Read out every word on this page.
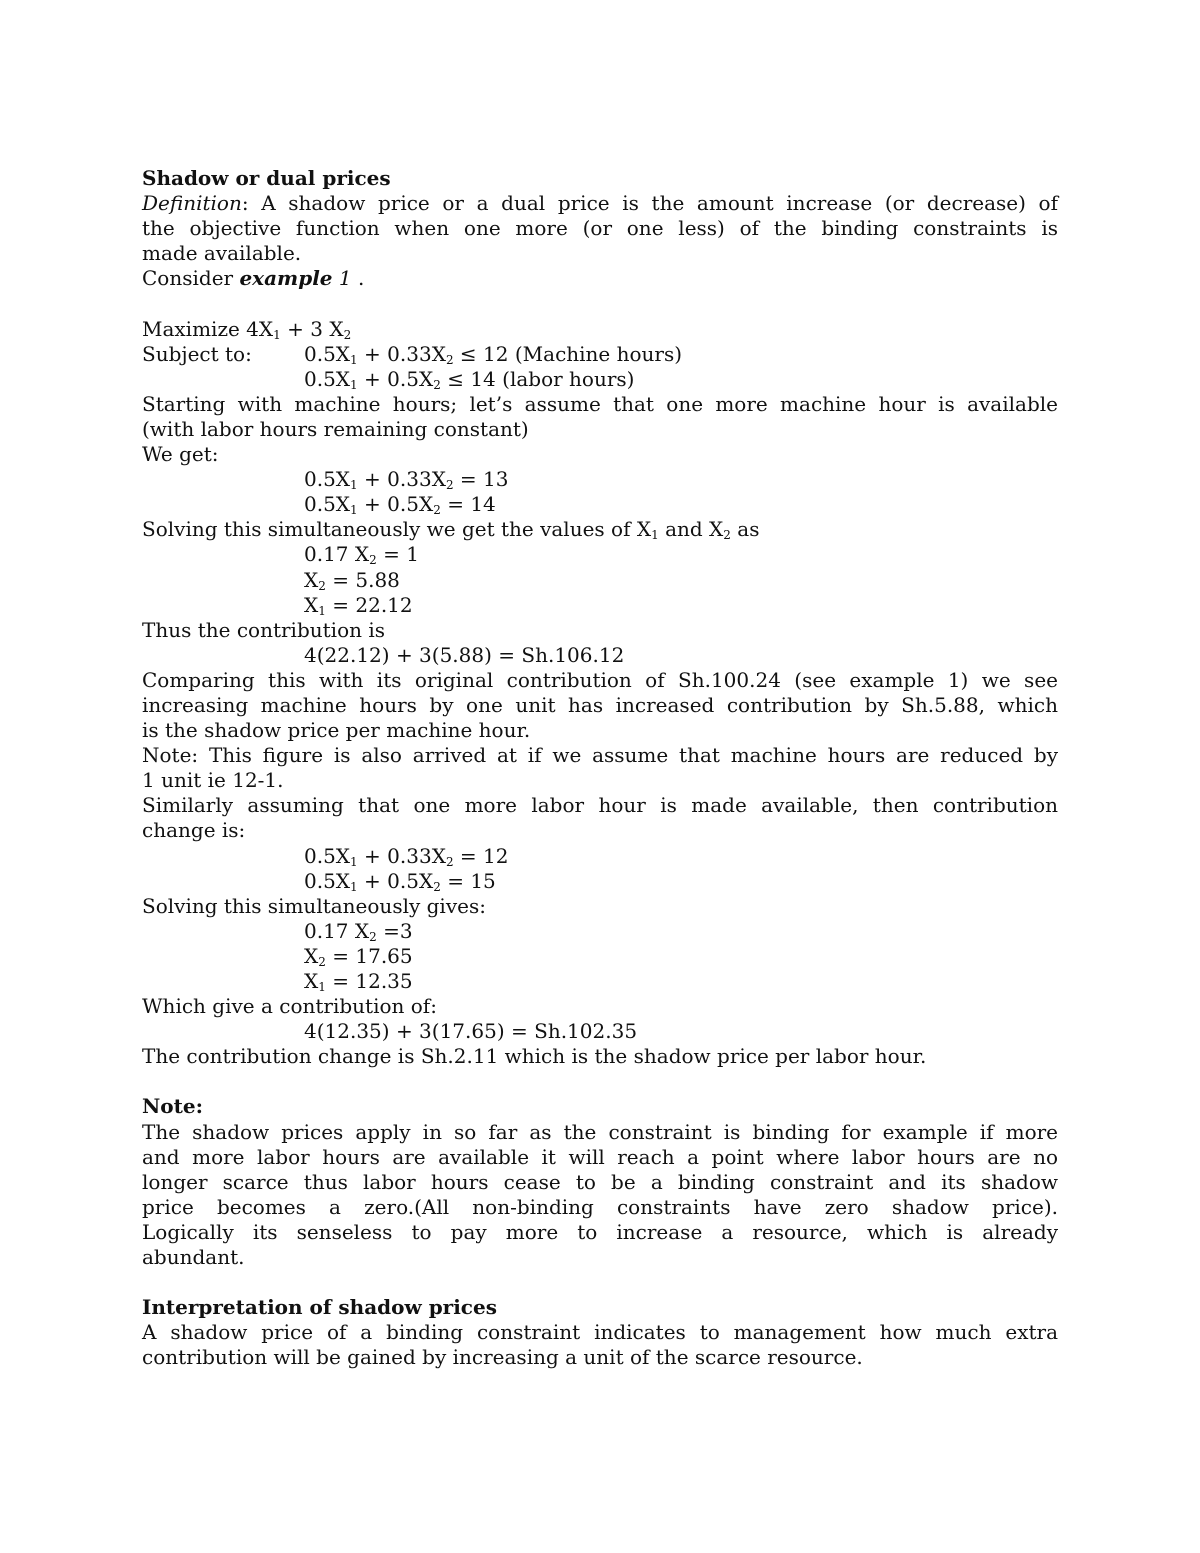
Shadow or dual prices
Definition: A shadow price or a dual price is the amount increase (or decrease) of
the objective function when one more (or one less) of the binding constraints is
made available.
Consider example 1 .
Maximize $4X_1 + 3$ $X_2$
Subject to:	$0.5X_1 + 0.33X_2 \le 12$ (Machine hours)
$0.5X_1 + 0.5X_2 \le 14$ (labor hours)
Starting with machine hours; let’s assume that one more machine hour is available
(with labor hours remaining constant)
We get:
$0.5X_1 + 0.33X_2 = 13$
$0.5X_1 + 0.5X_2 = 14$
Solving this simultaneously we get the values of $X_1$ and $X_2$ as
0.17 $X_2 = 1$
$X_2 = 5.88$
$X_1 = 22.12$
Thus the contribution is
4(22.12) + 3(5.88) = Sh.106.12
Comparing this with its original contribution of Sh.100.24 (see example 1) we see
increasing machine hours by one unit has increased contribution by Sh.5.88, which
is the shadow price per machine hour.
Note: This figure is also arrived at if we assume that machine hours are reduced by
1 unit ie 12-1.
Similarly assuming that one more labor hour is made available, then contribution
change is:
$0.5X_1 + 0.33X_2 = 12$
$0.5X_1 + 0.5X_2 = 15$
Solving this simultaneously gives:
0.17 $X_2 =3$
$X_2 = 17.65$
$X_1 = 12.35$
Which give a contribution of:
4(12.35) + 3(17.65) = Sh.102.35
The contribution change is Sh.2.11 which is the shadow price per labor hour.
Note:
The shadow prices apply in so far as the constraint is binding for example if more
and more labor hours are available it will reach a point where labor hours are no
longer scarce thus labor hours cease to be a binding constraint and its shadow
price becomes a zero.(All non-binding constraints have zero shadow price).
Logically its senseless to pay more to increase a resource, which is already
abundant.
Interpretation of shadow prices
A shadow price of a binding constraint indicates to management how much extra
contribution will be gained by increasing a unit of the scarce resource.
